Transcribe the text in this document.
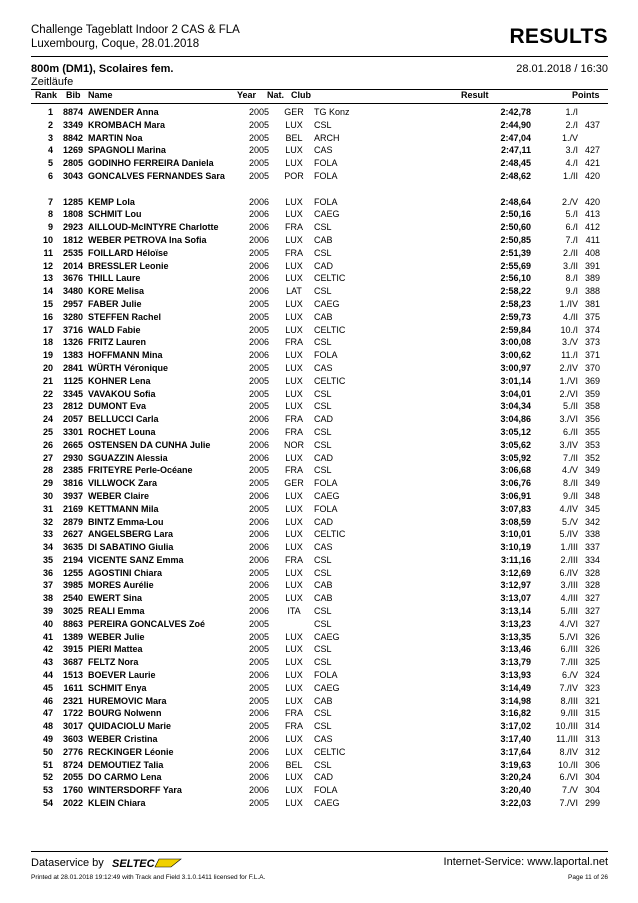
Challenge Tageblatt Indoor 2 CAS & FLA
Luxembourg, Coque, 28.01.2018	RESULTS
800m (DM1), Scolaires fem.	28.01.2018 / 16:30
Zeitläufe
Rank Bib Name	Year Nat. Club	Result	Points
1	8874 AWENDER Anna	2005 GER TG Konz	2:42,78	1./I
2	3349 KROMBACH Mara	2005	LUX	CSL	2:44,90	2./I 437
3	8842 MARTIN Noa	2005	BEL	ARCH	2:47,04	1./V
4	1269 SPAGNOLI Marina	2005	LUX	CAS	2:47,11	3./I 427
5	2805 GODINHO FERREIRA Daniela	2005	LUX	FOLA	2:48,45	4./I 421
6	3043 GONCALVES FERNANDES Sara	2005 POR FOLA	2:48,62	1./II 420
7	1285 KEMP Lola	2006	LUX	FOLA	2:48,64	2./V 420
8	1808 SCHMIT Lou	2006	LUX	CAEG	2:50,16	5./I 413
9	2923 AILLOUD-McINTYRE Charlotte	2006	FRA	CSL	2:50,60	6./I 412
10	1812 WEBER PETROVA Ina Sofia	2006	LUX	CAB	2:50,85	7./I 411
11	2535 FOILLARD Héloïse	2005	FRA	CSL	2:51,39	2./II 408
12	2014 BRESSLER Leonie	2006	LUX	CAD	2:55,69	3./II 391
13	3676 THILL Laure	2006	LUX	CELTIC	2:56,10	8./I 389
14	3480 KORE Melisa	2006	LAT	CSL	2:58,22	9./I 388
15	2957 FABER Julie	2005	LUX	CAEG	2:58,23	1./IV 381
16	3280 STEFFEN Rachel	2005	LUX	CAB	2:59,73	4./II 375
17	3716 WALD Fabie	2005	LUX	CELTIC	2:59,84	10./I 374
18	1326 FRITZ Lauren	2006	FRA	CSL	3:00,08	3./V 373
19	1383 HOFFMANN Mina	2006	LUX	FOLA	3:00,62	11./I 371
20	2841 WÜRTH Véronique	2005	LUX	CAS	3:00,97	2./IV 370
21	1125 KOHNER Lena	2005	LUX	CELTIC	3:01,14	1./VI 369
22	3345 VAVAKOU Sofia	2005	LUX	CSL	3:04,01	2./VI 359
23	2812 DUMONT Eva	2005	LUX	CSL	3:04,34	5./II 358
24	2057 BELLUCCI Carla	2006	FRA	CAD	3:04,86	3./VI 356
25	3301 ROCHET Louna	2006	FRA	CSL	3:05,12	6./II 355
26	2665 OSTENSEN DA CUNHA Julie	2006 NOR CSL	3:05,62	3./IV 353
27	2930 SGUAZZIN Alessia	2006	LUX	CAD	3:05,92	7./II 352
28	2385 FRITEYRE Perle-Océane	2005	FRA	CSL	3:06,68	4./V 349
29	3816 VILLWOCK Zara	2005 GER FOLA	3:06,76	8./II 349
30	3937 WEBER Claire	2006	LUX	CAEG	3:06,91	9./II 348
31	2169 KETTMANN Mila	2005	LUX	FOLA	3:07,83	4./IV 345
32	2879 BINTZ Emma-Lou	2006	LUX	CAD	3:08,59	5./V 342
33	2627 ANGELSBERG Lara	2006	LUX	CELTIC	3:10,01	5./IV 338
34	3635 DI SABATINO Giulia	2006	LUX	CAS	3:10,19	1./III 337
35	2194 VICENTE SANZ Emma	2006	FRA	CSL	3:11,16	2./III 334
36	1255 AGOSTINI Chiara	2005	LUX	CSL	3:12,69	6./IV 328
37	3985 MORES Aurélie	2006	LUX	CAB	3:12,97	3./III 328
38	2540 EWERT Sina	2005	LUX	CAB	3:13,07	4./III 327
39	3025 REALI Emma	2006	ITA	CSL	3:13,14	5./III 327
40	8863 PEREIRA GONCALVES Zoé	2005	CSL	3:13,23	4./VI 327
41	1389 WEBER Julie	2005	LUX	CAEG	3:13,35	5./VI 326
42	3915 PIERI Mattea	2005	LUX	CSL	3:13,46	6./III 326
43	3687 FELTZ Nora	2005	LUX	CSL	3:13,79	7./III 325
44	1513 BOEVER Laurie	2006	LUX	FOLA	3:13,93	6./V 324
45	1611 SCHMIT Enya	2005	LUX	CAEG	3:14,49	7./IV 323
46	2321 HUREMOVIC Mara	2005	LUX	CAB	3:14,98	8./III 321
47	1722 BOURG Nolwenn	2006	FRA	CSL	3:16,82	9./III 315
48	3017 QUIDACIOLU Marie	2005	FRA	CSL	3:17,02	10./III 314
49	3603 WEBER Cristina	2006	LUX	CAS	3:17,40	11./III 313
50	2776 RECKINGER Léonie	2006	LUX	CELTIC	3:17,64	8./IV 312
51	8724 DEMOUTIEZ Talia	2006	BEL	CSL	3:19,63	10./II 306
52	2055 DO CARMO Lena	2006	LUX	CAD	3:20,24	6./VI 304
53	1760 WINTERSDORFF Yara	2006	LUX	FOLA	3:20,40	7./V 304
54	2022 KLEIN Chiara	2005	LUX	CAEG	3:22,03	7./VI 299
Dataservice by SELTEC	Internet-Service: www.laportal.net
Printed at 28.01.2018 19:12:49 with Track and Field 3.1.0.1411 licensed for F.L.A.	Page 11 of 26
